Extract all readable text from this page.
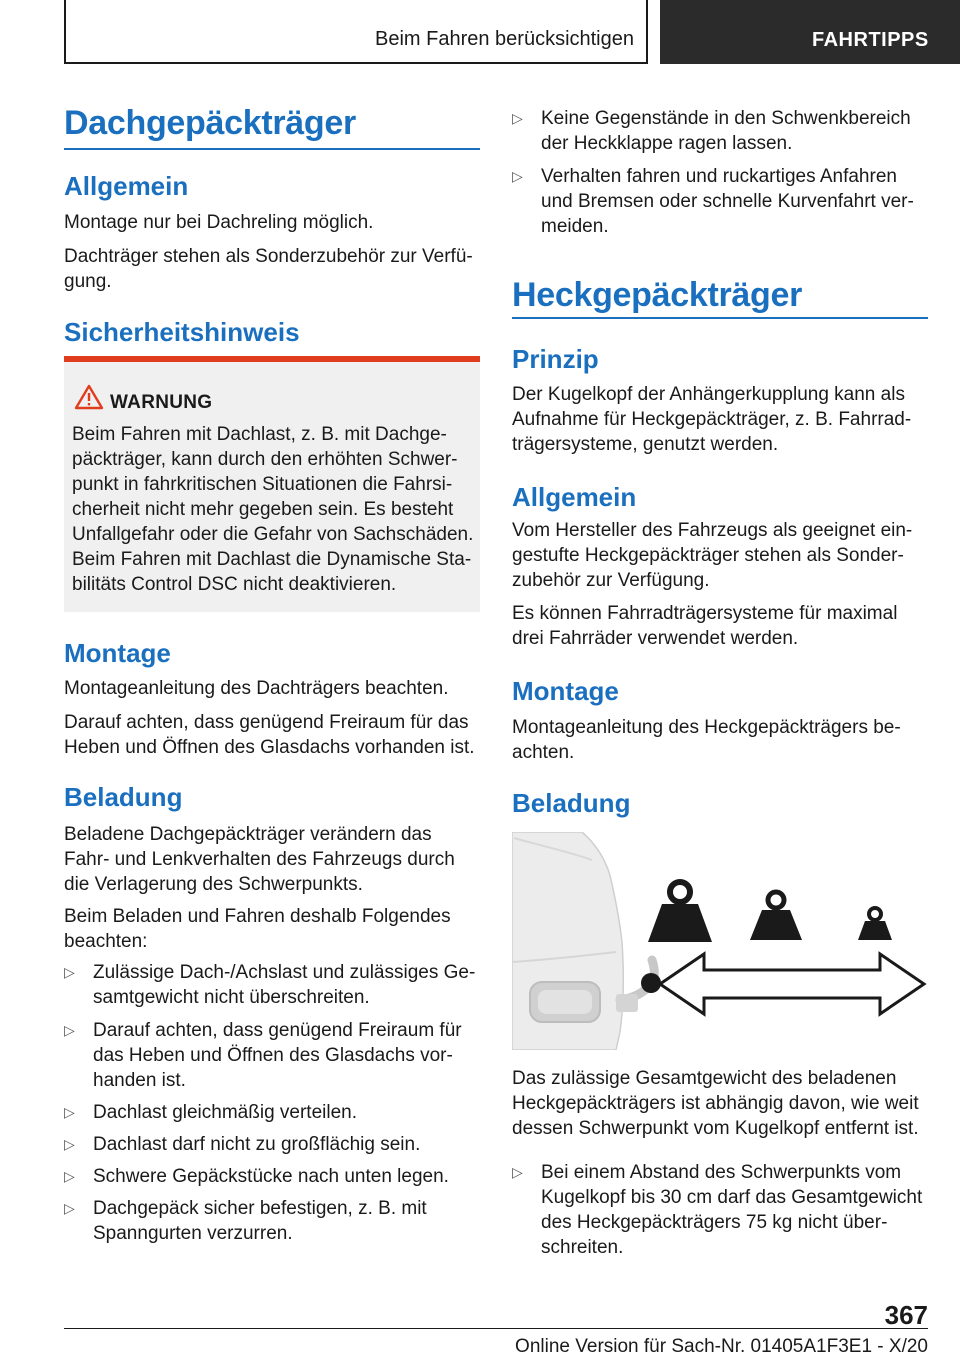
Beim Fahren berücksichtigen	FAHRTIPPS
Dachgepäckträger
Allgemein
Montage nur bei Dachreling möglich.
Dachträger stehen als Sonderzubehör zur Verfü‐ gung.
Sicherheitshinweis
WARNUNG
Beim Fahren mit Dachlast, z. B. mit Dachge‐ päckträger, kann durch den erhöhten Schwer‐ punkt in fahrkritischen Situationen die Fahrsi‐ cherheit nicht mehr gegeben sein. Es besteht Unfallgefahr oder die Gefahr von Sachschäden. Beim Fahren mit Dachlast die Dynamische Sta‐ bilitäts Control DSC nicht deaktivieren.
Montage
Montageanleitung des Dachträgers beachten.
Darauf achten, dass genügend Freiraum für das Heben und Öffnen des Glasdachs vorhanden ist.
Beladung
Beladene Dachgepäckträger verändern das Fahr- und Lenkverhalten des Fahrzeugs durch die Verlagerung des Schwerpunkts.
Beim Beladen und Fahren deshalb Folgendes beachten:
▷ Zulässige Dach-/Achslast und zulässiges Ge‐ samtgewicht nicht überschreiten.
▷ Darauf achten, dass genügend Freiraum für das Heben und Öffnen des Glasdachs vor‐ handen ist.
▷ Dachlast gleichmäßig verteilen.
▷ Dachlast darf nicht zu großflächig sein.
▷ Schwere Gepäckstücke nach unten legen.
▷ Dachgepäck sicher befestigen, z. B. mit Spanngurten verzurren.
▷ Keine Gegenstände in den Schwenkbereich der Heckklappe ragen lassen.
▷ Verhalten fahren und ruckartiges Anfahren und Bremsen oder schnelle Kurvenfahrt ver‐ meiden.
Heckgepäckträger
Prinzip
Der Kugelkopf der Anhängerkupplung kann als Aufnahme für Heckgepäckträger, z. B. Fahrrad‐ trägersysteme, genutzt werden.
Allgemein
Vom Hersteller des Fahrzeugs als geeignet ein‐ gestufte Heckgepäckträger stehen als Sonder‐ zubehör zur Verfügung.
Es können Fahrradträgersysteme für maximal drei Fahrräder verwendet werden.
Montage
Montageanleitung des Heckgepäckträgers be‐ achten.
Beladung
Das zulässige Gesamtgewicht des beladenen Heckgepäckträgers ist abhängig davon, wie weit dessen Schwerpunkt vom Kugelkopf entfernt ist.
▷ Bei einem Abstand des Schwerpunkts vom Kugelkopf bis 30 cm darf das Gesamtgewicht des Heckgepäckträgers 75 kg nicht über‐ schreiten.
367
Online Version für Sach-Nr. 01405A1F3E1 - X/20
